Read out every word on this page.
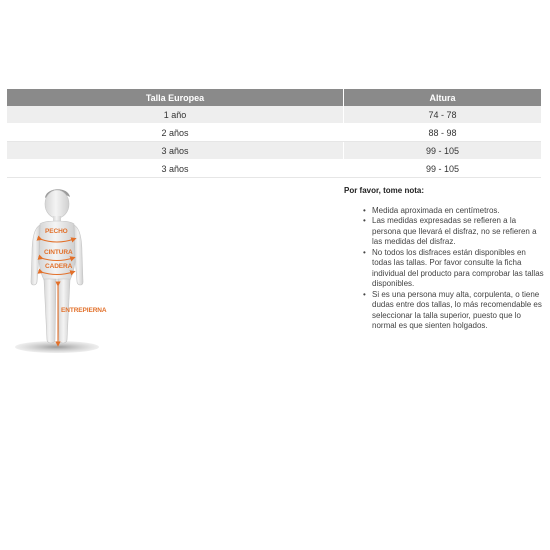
Talla Europea	Altura
1 año	74 - 78
2 años	88 - 98
3 años	99 - 105
3 años	99 - 105
PECHO
CINTURA
CADERA
ENTREPIERNA

Por favor, tome nota:

• Medida aproximada en centímetros.
• Las medidas expresadas se refieren a la persona que llevará el disfraz, no se refieren a las medidas del disfraz.
• No todos los disfraces están disponibles en todas las tallas. Por favor consulte la ficha individual del producto para comprobar las tallas disponibles.
• Si es una persona muy alta, corpulenta, o tiene dudas entre dos tallas, lo más recomendable es seleccionar la talla superior, puesto que lo normal es que sienten holgados.
